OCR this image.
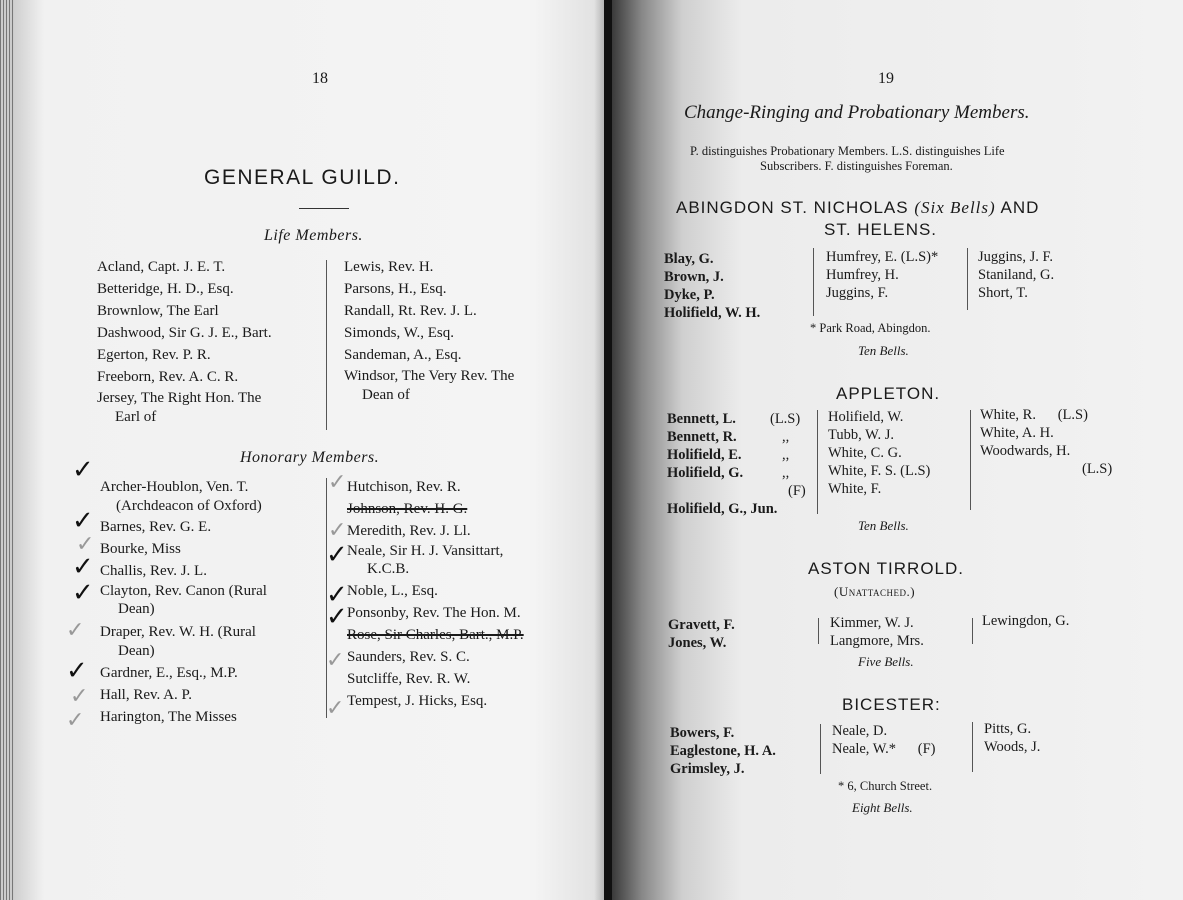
18
GENERAL GUILD.
Life Members.
Acland, Capt. J. E. T.
Betteridge, H. D., Esq.
Brownlow, The Earl
Dashwood, Sir G. J. E., Bart.
Egerton, Rev. P. R.
Freeborn, Rev. A. C. R.
Jersey, The Right Hon. The
Earl of
Lewis, Rev. H.
Parsons, H., Esq.
Randall, Rt. Rev. J. L.
Simonds, W., Esq.
Sandeman, A., Esq.
Windsor, The Very Rev. The
Dean of
Honorary Members.
✓
✓
✓
✓
✓
✓
✓
✓
✓
Archer-Houblon, Ven. T.
(Archdeacon of Oxford)
Barnes, Rev. G. E.
Bourke, Miss
Challis, Rev. J. L.
Clayton, Rev. Canon (Rural
Dean)
Draper, Rev. W. H. (Rural
Dean)
Gardner, E., Esq., M.P.
Hall, Rev. A. P.
Harington, The Misses
✓
✓
✓
✓
✓
✓
✓
Hutchison, Rev. R.
Johnson, Rev. H. G.
Meredith, Rev. J. Ll.
Neale, Sir H. J. Vansittart,
K.C.B.
Noble, L., Esq.
Ponsonby, Rev. The Hon. M.
Rose, Sir Charles, Bart., M.P.
Saunders, Rev. S. C.
Sutcliffe, Rev. R. W.
Tempest, J. Hicks, Esq.
19
Change-Ringing and Probationary Members.
P. distinguishes Probationary Members. L.S. distinguishes Life
Subscribers. F. distinguishes Foreman.
ABINGDON ST. NICHOLAS (Six Bells) AND
ST. HELENS.
Blay, G.
Brown, J.
Dyke, P.
Holifield, W. H.
Humfrey, E. (L.S)*
Humfrey, H.
Juggins, F.
Juggins, J. F.
Staniland, G.
Short, T.
* Park Road, Abingdon.
Ten Bells.
APPLETON.
Bennett, L.
Bennett, R.
Holifield, E.
Holifield, G.
Holifield, G., Jun.
(L.S)
,,
,,
,,
(F)
Holifield, W.
Tubb, W. J.
White, C. G.
White, F. S. (L.S)
White, F.
White, R.      (L.S)
White, A. H.
Woodwards, H.
(L.S)
Ten Bells.
ASTON TIRROLD.
(Unattached.)
Gravett, F.
Jones, W.
Kimmer, W. J.
Langmore, Mrs.
Lewingdon, G.
Five Bells.
BICESTER:
Bowers, F.
Eaglestone, H. A.
Grimsley, J.
Neale, D.
Neale, W.*      (F)
Pitts, G.
Woods, J.
* 6, Church Street.
Eight Bells.
